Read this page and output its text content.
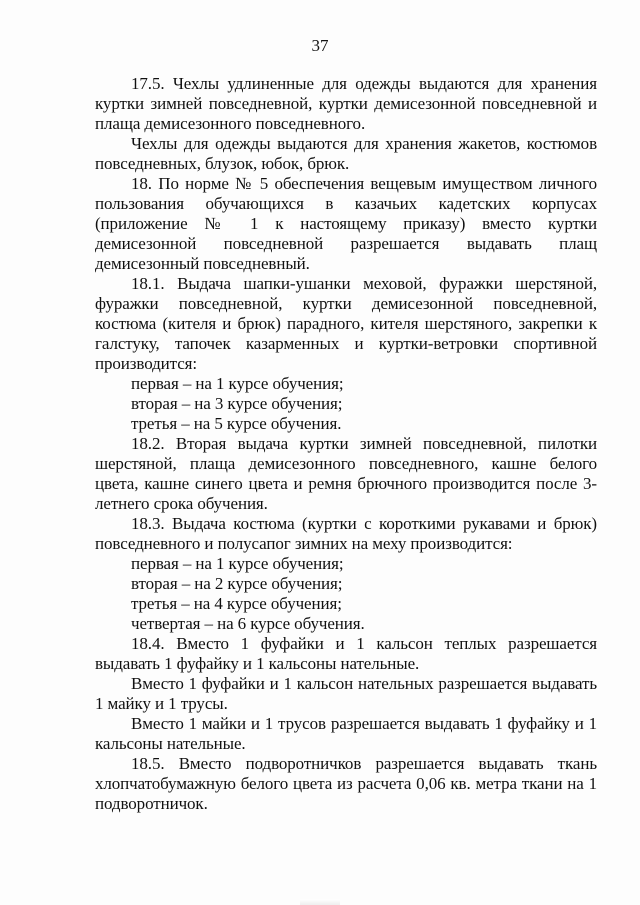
37

17.5. Чехлы удлиненные для одежды выдаются для хранения куртки зимней повседневной, куртки демисезонной повседневной и плаща демисезонного повседневного.

Чехлы для одежды выдаются для хранения жакетов, костюмов повседневных, блузок, юбок, брюк.

18. По норме № 5 обеспечения вещевым имуществом личного пользования обучающихся в казачьих кадетских корпусах (приложение № 1 к настоящему приказу) вместо куртки демисезонной повседневной разрешается выдавать плащ демисезонный повседневный.

18.1. Выдача шапки-ушанки меховой, фуражки шерстяной, фуражки повседневной, куртки демисезонной повседневной, костюма (кителя и брюк) парадного, кителя шерстяного, закрепки к галстуку, тапочек казарменных и куртки-ветровки спортивной производится:

первая – на 1 курсе обучения;

вторая – на 3 курсе обучения;

третья – на 5 курсе обучения.

18.2. Вторая выдача куртки зимней повседневной, пилотки шерстяной, плаща демисезонного повседневного, кашне белого цвета, кашне синего цвета и ремня брючного производится после 3-летнего срока обучения.

18.3. Выдача костюма (куртки с короткими рукавами и брюк) повседневного и полусапог зимних на меху производится:

первая – на 1 курсе обучения;

вторая – на 2 курсе обучения;

третья – на 4 курсе обучения;

четвертая – на 6 курсе обучения.

18.4. Вместо 1 фуфайки и 1 кальсон теплых разрешается выдавать 1 фуфайку и 1 кальсоны нательные.

Вместо 1 фуфайки и 1 кальсон нательных разрешается выдавать 1 майку и 1 трусы.

Вместо 1 майки и 1 трусов разрешается выдавать 1 фуфайку и 1 кальсоны нательные.

18.5. Вместо подворотничков разрешается выдавать ткань хлопчатобумажную белого цвета из расчета 0,06 кв. метра ткани на 1 подворотничок.
